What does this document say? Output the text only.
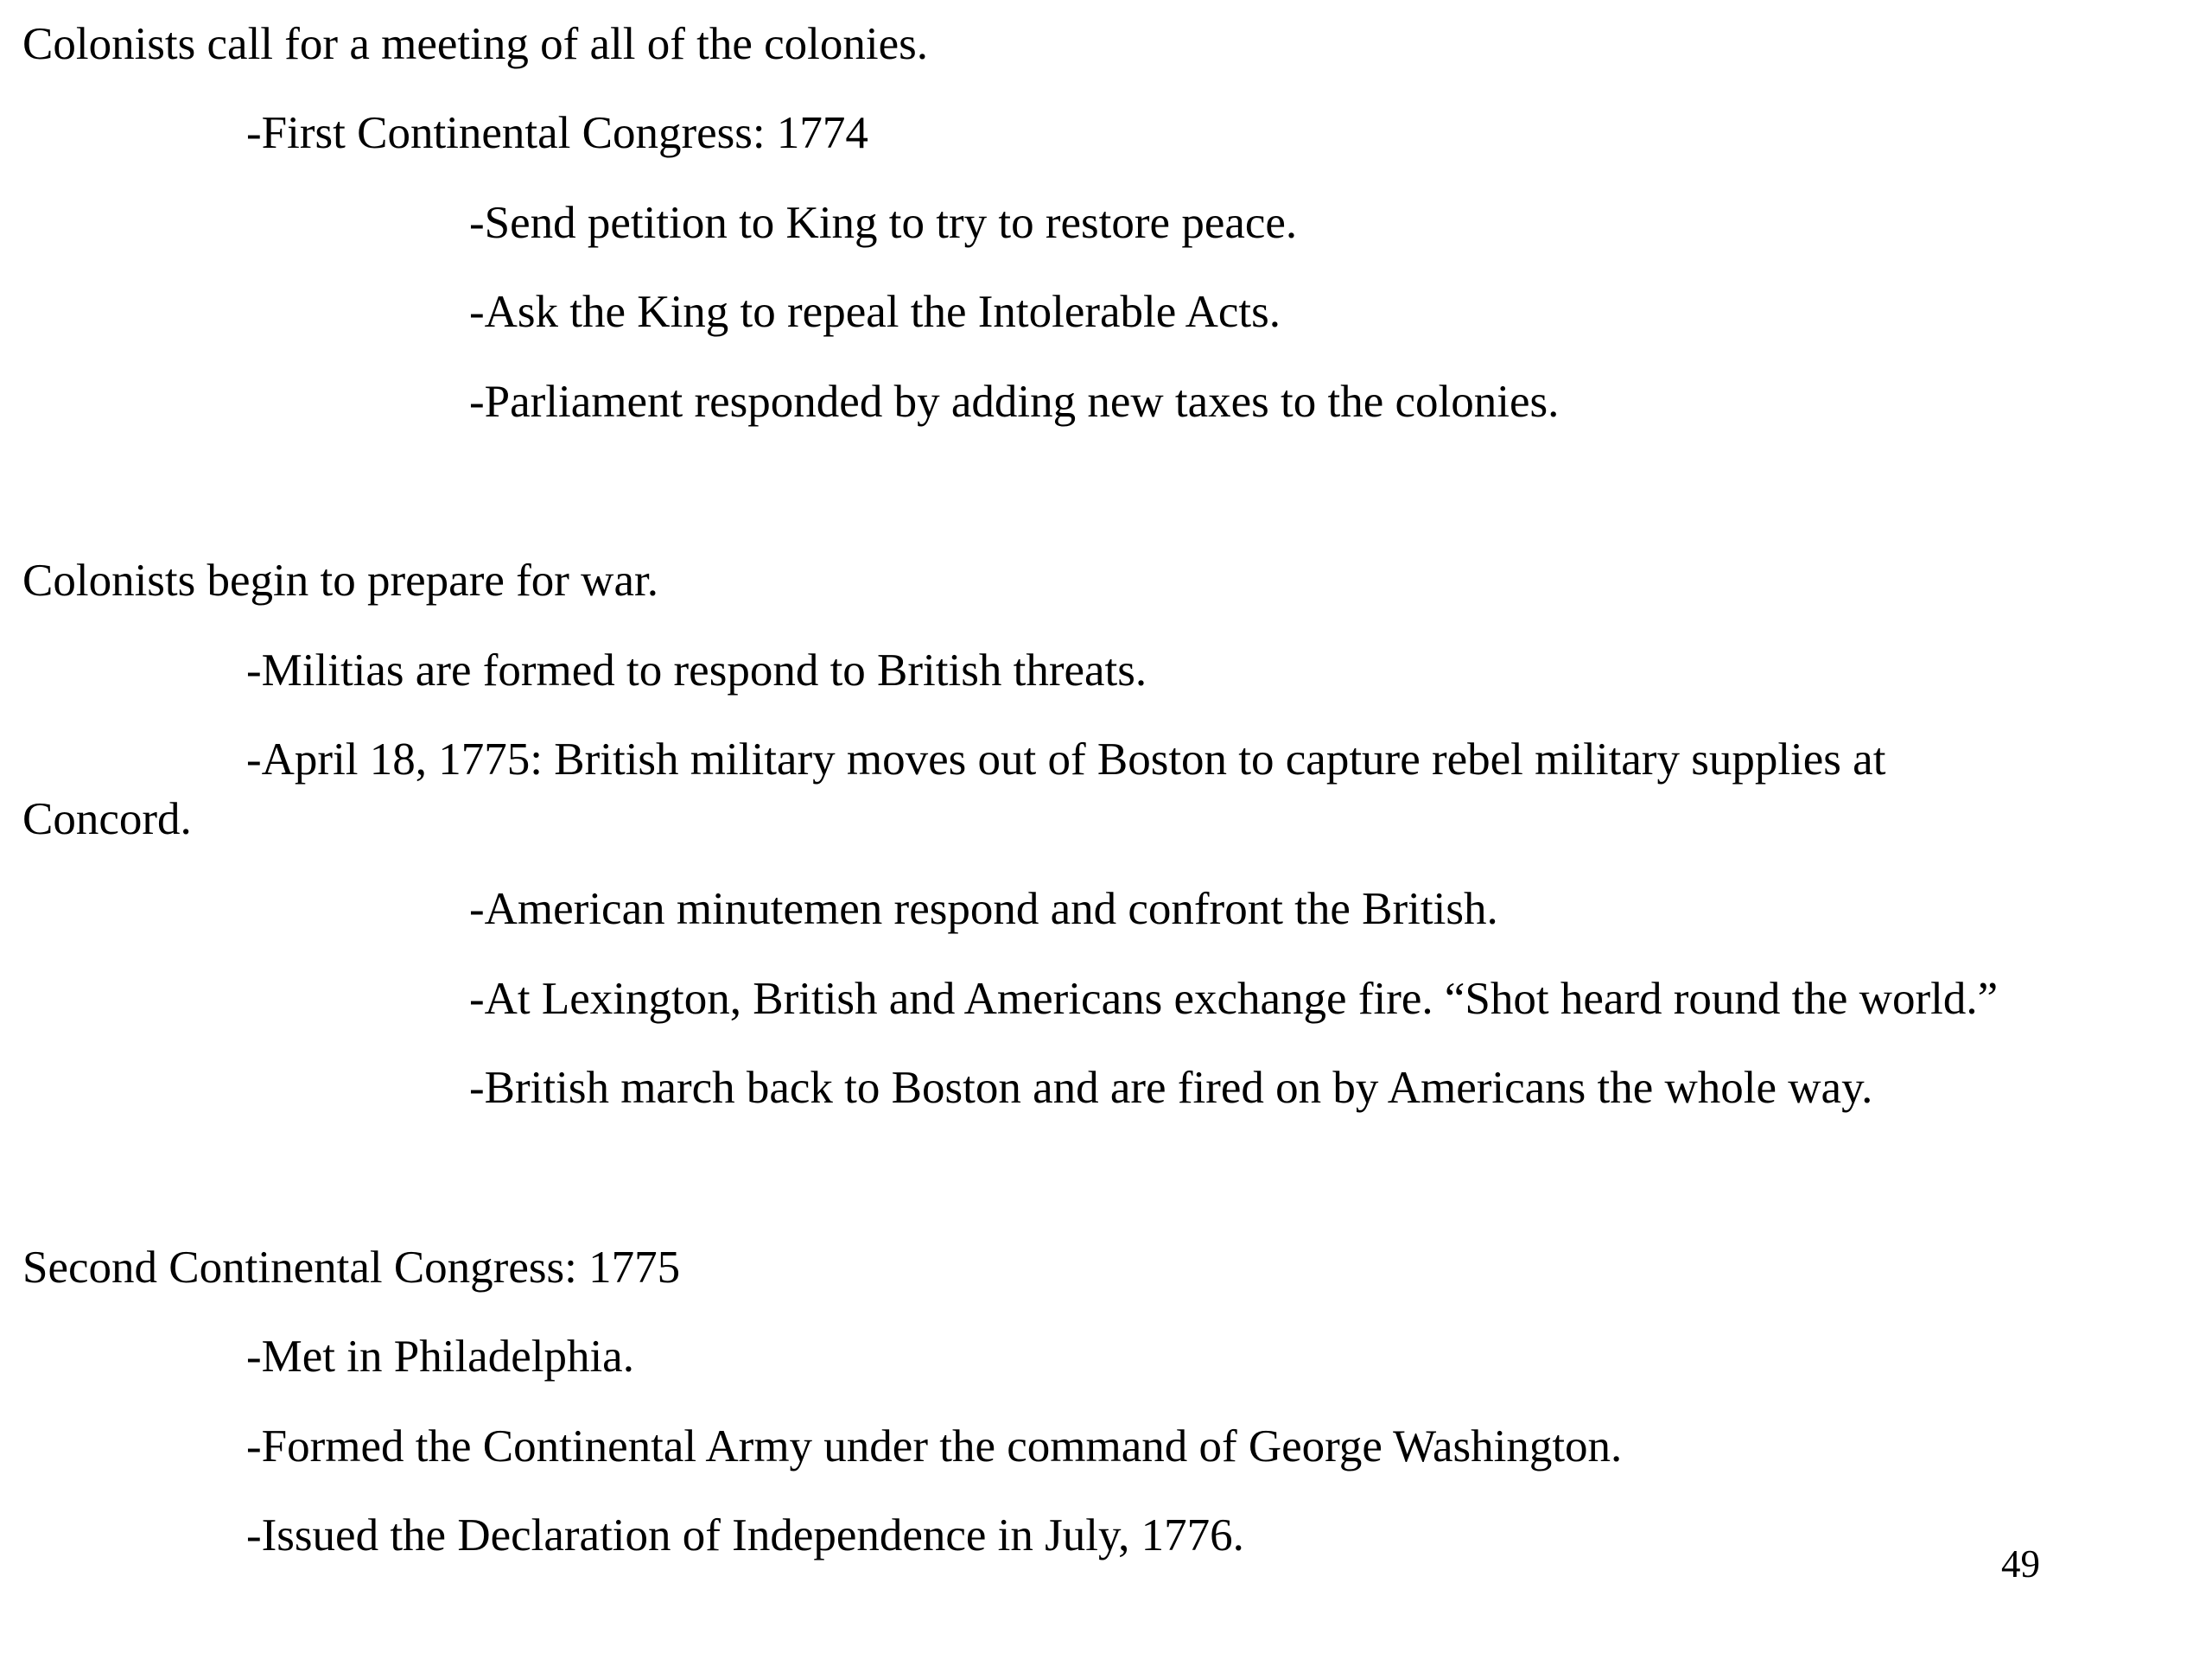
Colonists call for a meeting of all of the colonies.

-First Continental Congress: 1774

-Send petition to King to try to restore peace.

-Ask the King to repeal the Intolerable Acts.

-Parliament responded by adding new taxes to the colonies.

Colonists begin to prepare for war.

-Militias are formed to respond to British threats.

-April 18, 1775: British military moves out of Boston to capture rebel military supplies at

Concord.

-American minutemen respond and confront the British.

-At Lexington, British and Americans exchange fire. “Shot heard round the world.”

-British march back to Boston and are fired on by Americans the whole way.

Second Continental Congress: 1775

-Met in Philadelphia.

-Formed the Continental Army under the command of George Washington.

-Issued the Declaration of Independence in July, 1776.

49
